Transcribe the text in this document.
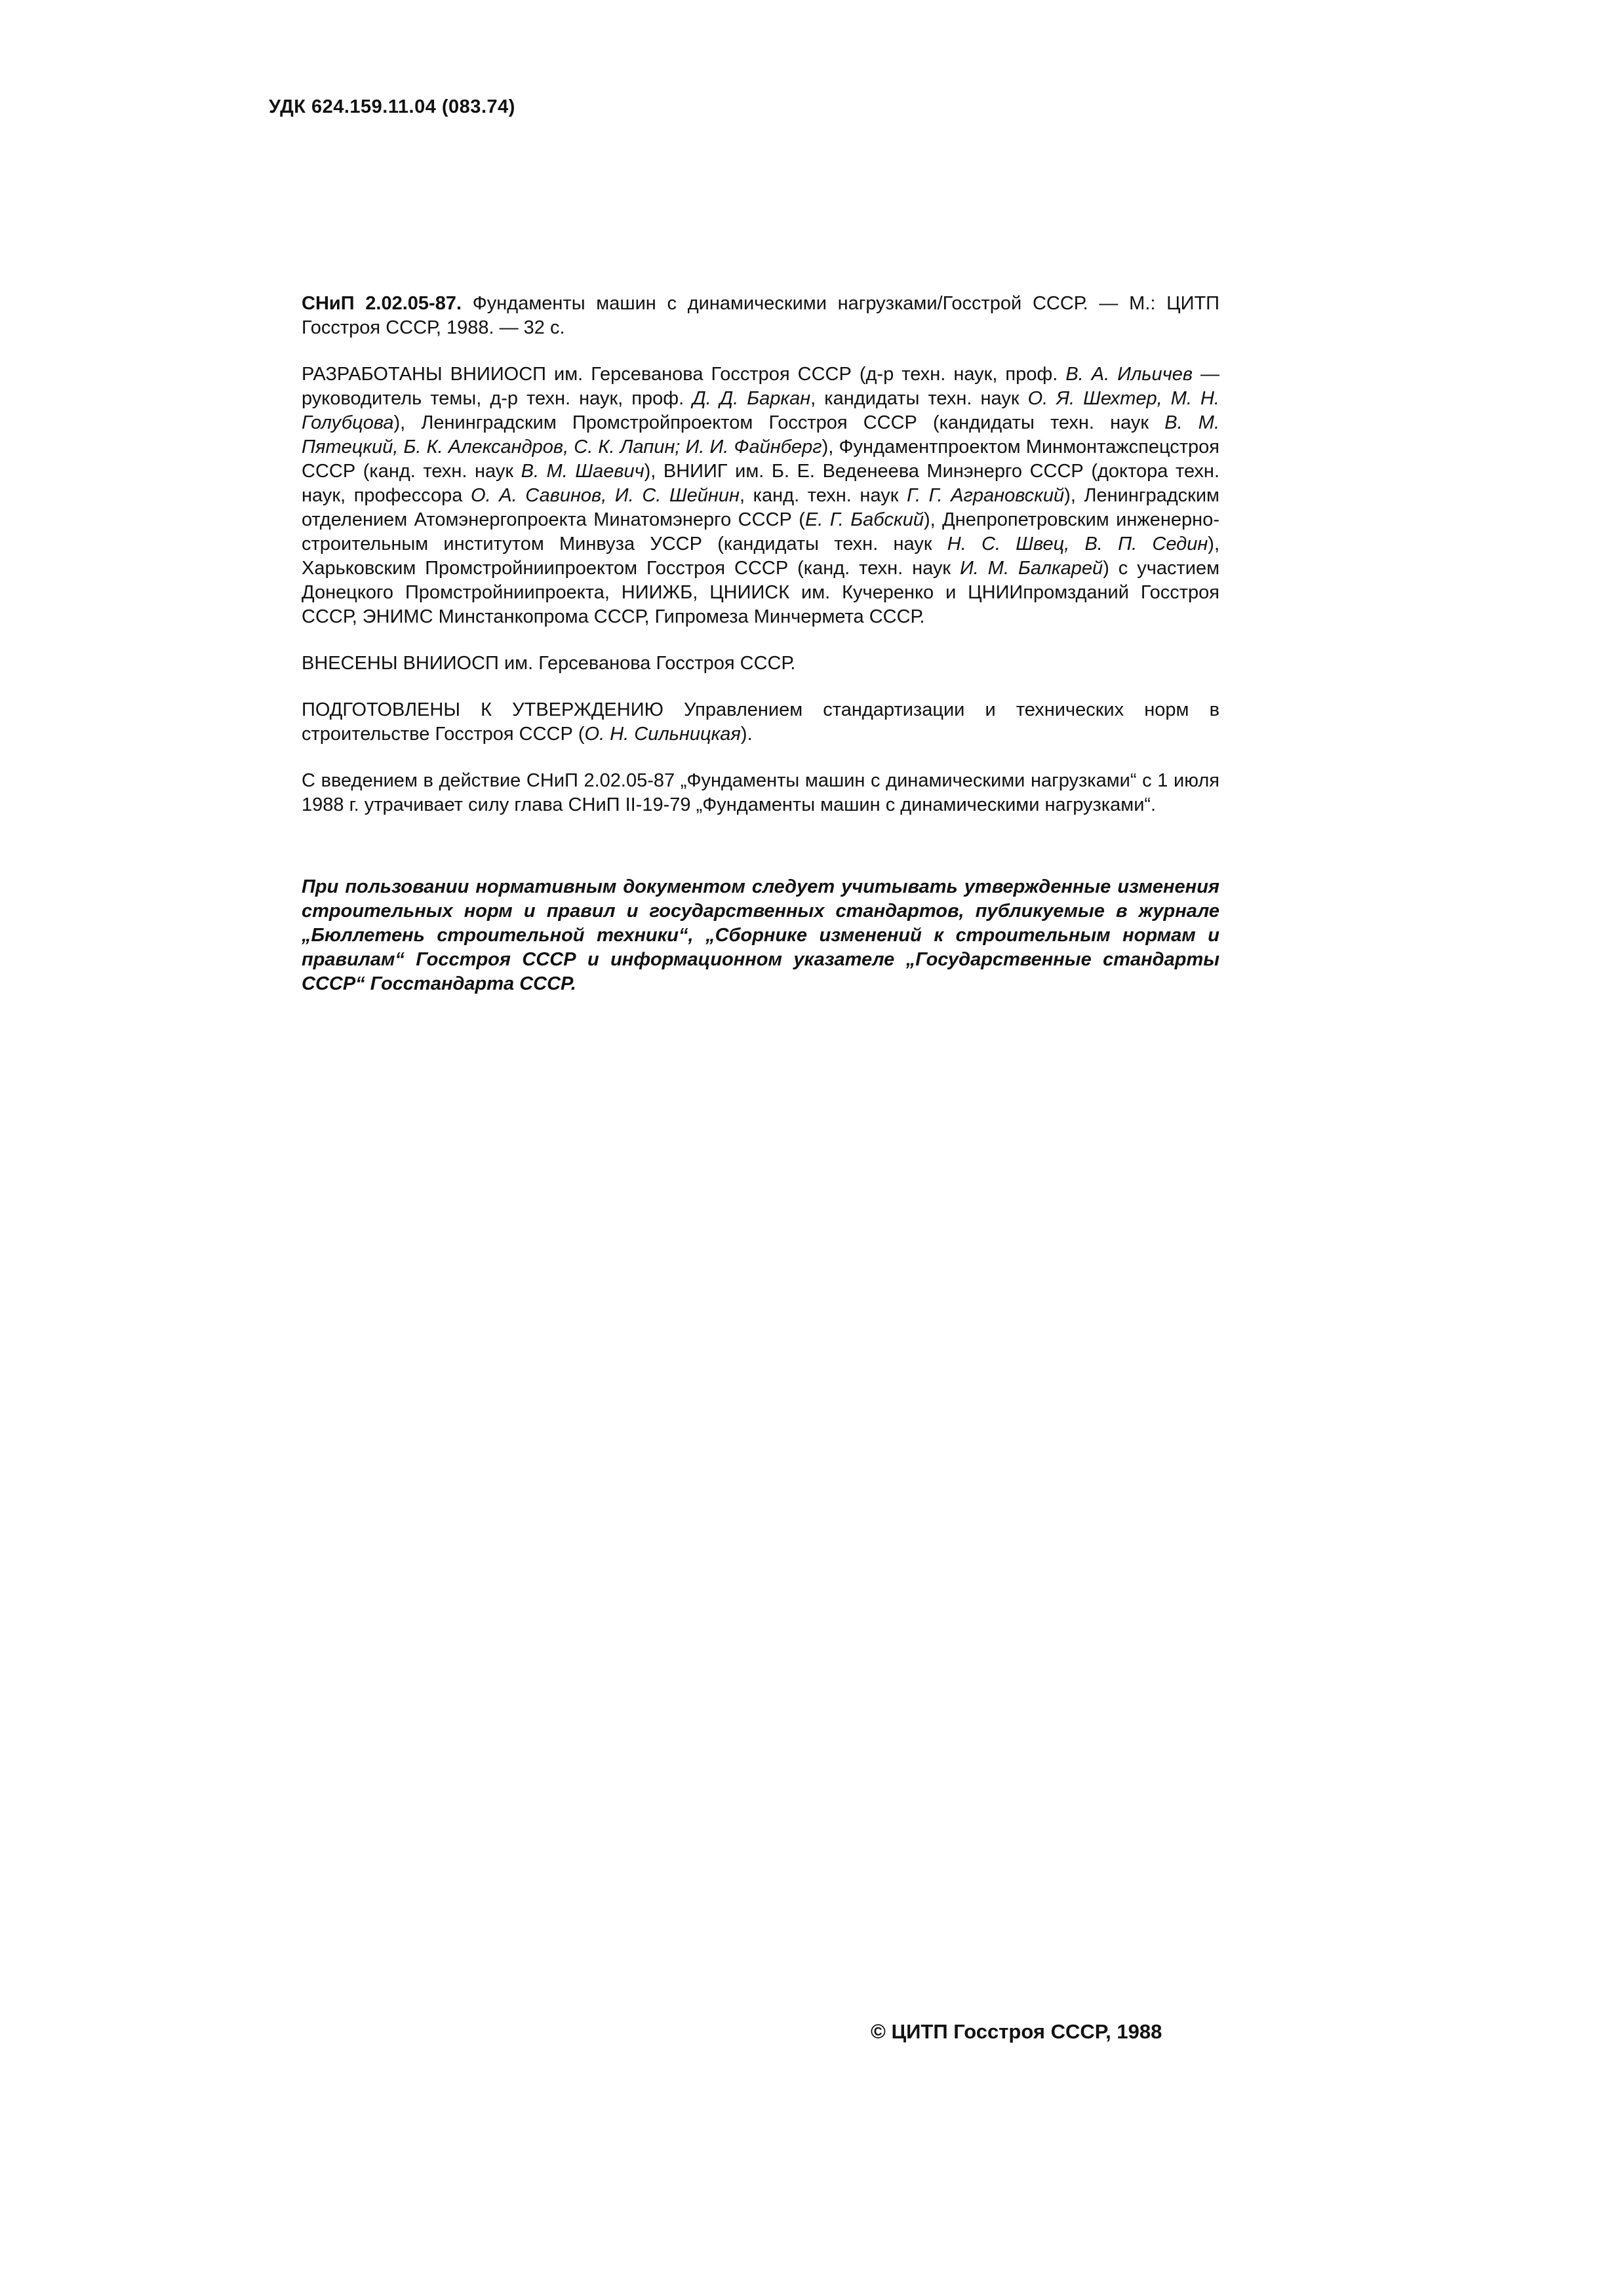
УДК 624.159.11.04 (083.74)

СНиП 2.02.05-87. Фундаменты машин с динамическими нагрузками/Госстрой СССР. — М.: ЦИТП Госстроя СССР, 1988. — 32 с.

РАЗРАБОТАНЫ ВНИИОСП им. Герсеванова Госстроя СССР (д-р техн. наук, проф. В. А. Ильичев — руководитель темы, д-р техн. наук, проф. Д. Д. Баркан, кандидаты техн. наук О. Я. Шехтер, М. Н. Голубцова), Ленинградским Промстройпроектом Госстроя СССР (кандидаты техн. наук В. М. Пятецкий, Б. К. Александров, С. К. Лапин; И. И. Файнберг), Фундаментпроектом Минмонтажспецстроя СССР (канд. техн. наук В. М. Шаевич), ВНИИГ им. Б. Е. Веденеева Минэнерго СССР (доктора техн. наук, профессора О. А. Савинов, И. С. Шейнин, канд. техн. наук Г. Г. Аграновский), Ленинградским отделением Атомэнергопроекта Минатомэнерго СССР (Е. Г. Бабский), Днепропетровским инженерно-строительным институтом Минвуза УССР (кандидаты техн. наук Н. С. Швец, В. П. Седин), Харьковским Промстройниипроектом Госстроя СССР (канд. техн. наук И. М. Балкарей) с участием Донецкого Промстройниипроекта, НИИЖБ, ЦНИИСК им. Кучеренко и ЦНИИпромзданий Госстроя СССР, ЭНИМС Минстанкопрома СССР, Гипромеза Минчермета СССР.

ВНЕСЕНЫ ВНИИОСП им. Герсеванова Госстроя СССР.

ПОДГОТОВЛЕНЫ К УТВЕРЖДЕНИЮ Управлением стандартизации и технических норм в строительстве Госстроя СССР (О. Н. Сильницкая).

С введением в действие СНиП 2.02.05-87 „Фундаменты машин с динамическими нагрузками“ с 1 июля 1988 г. утрачивает силу глава СНиП II-19-79 „Фундаменты машин с динамическими нагрузками“.

При пользовании нормативным документом следует учитывать утвержденные изменения строительных норм и правил и государственных стандартов, публикуемые в журнале „Бюллетень строительной техники“, „Сборнике изменений к строительным нормам и правилам“ Госстроя СССР и информационном указателе „Государственные стандарты СССР“ Госстандарта СССР.

© ЦИТП Госстроя СССР, 1988
